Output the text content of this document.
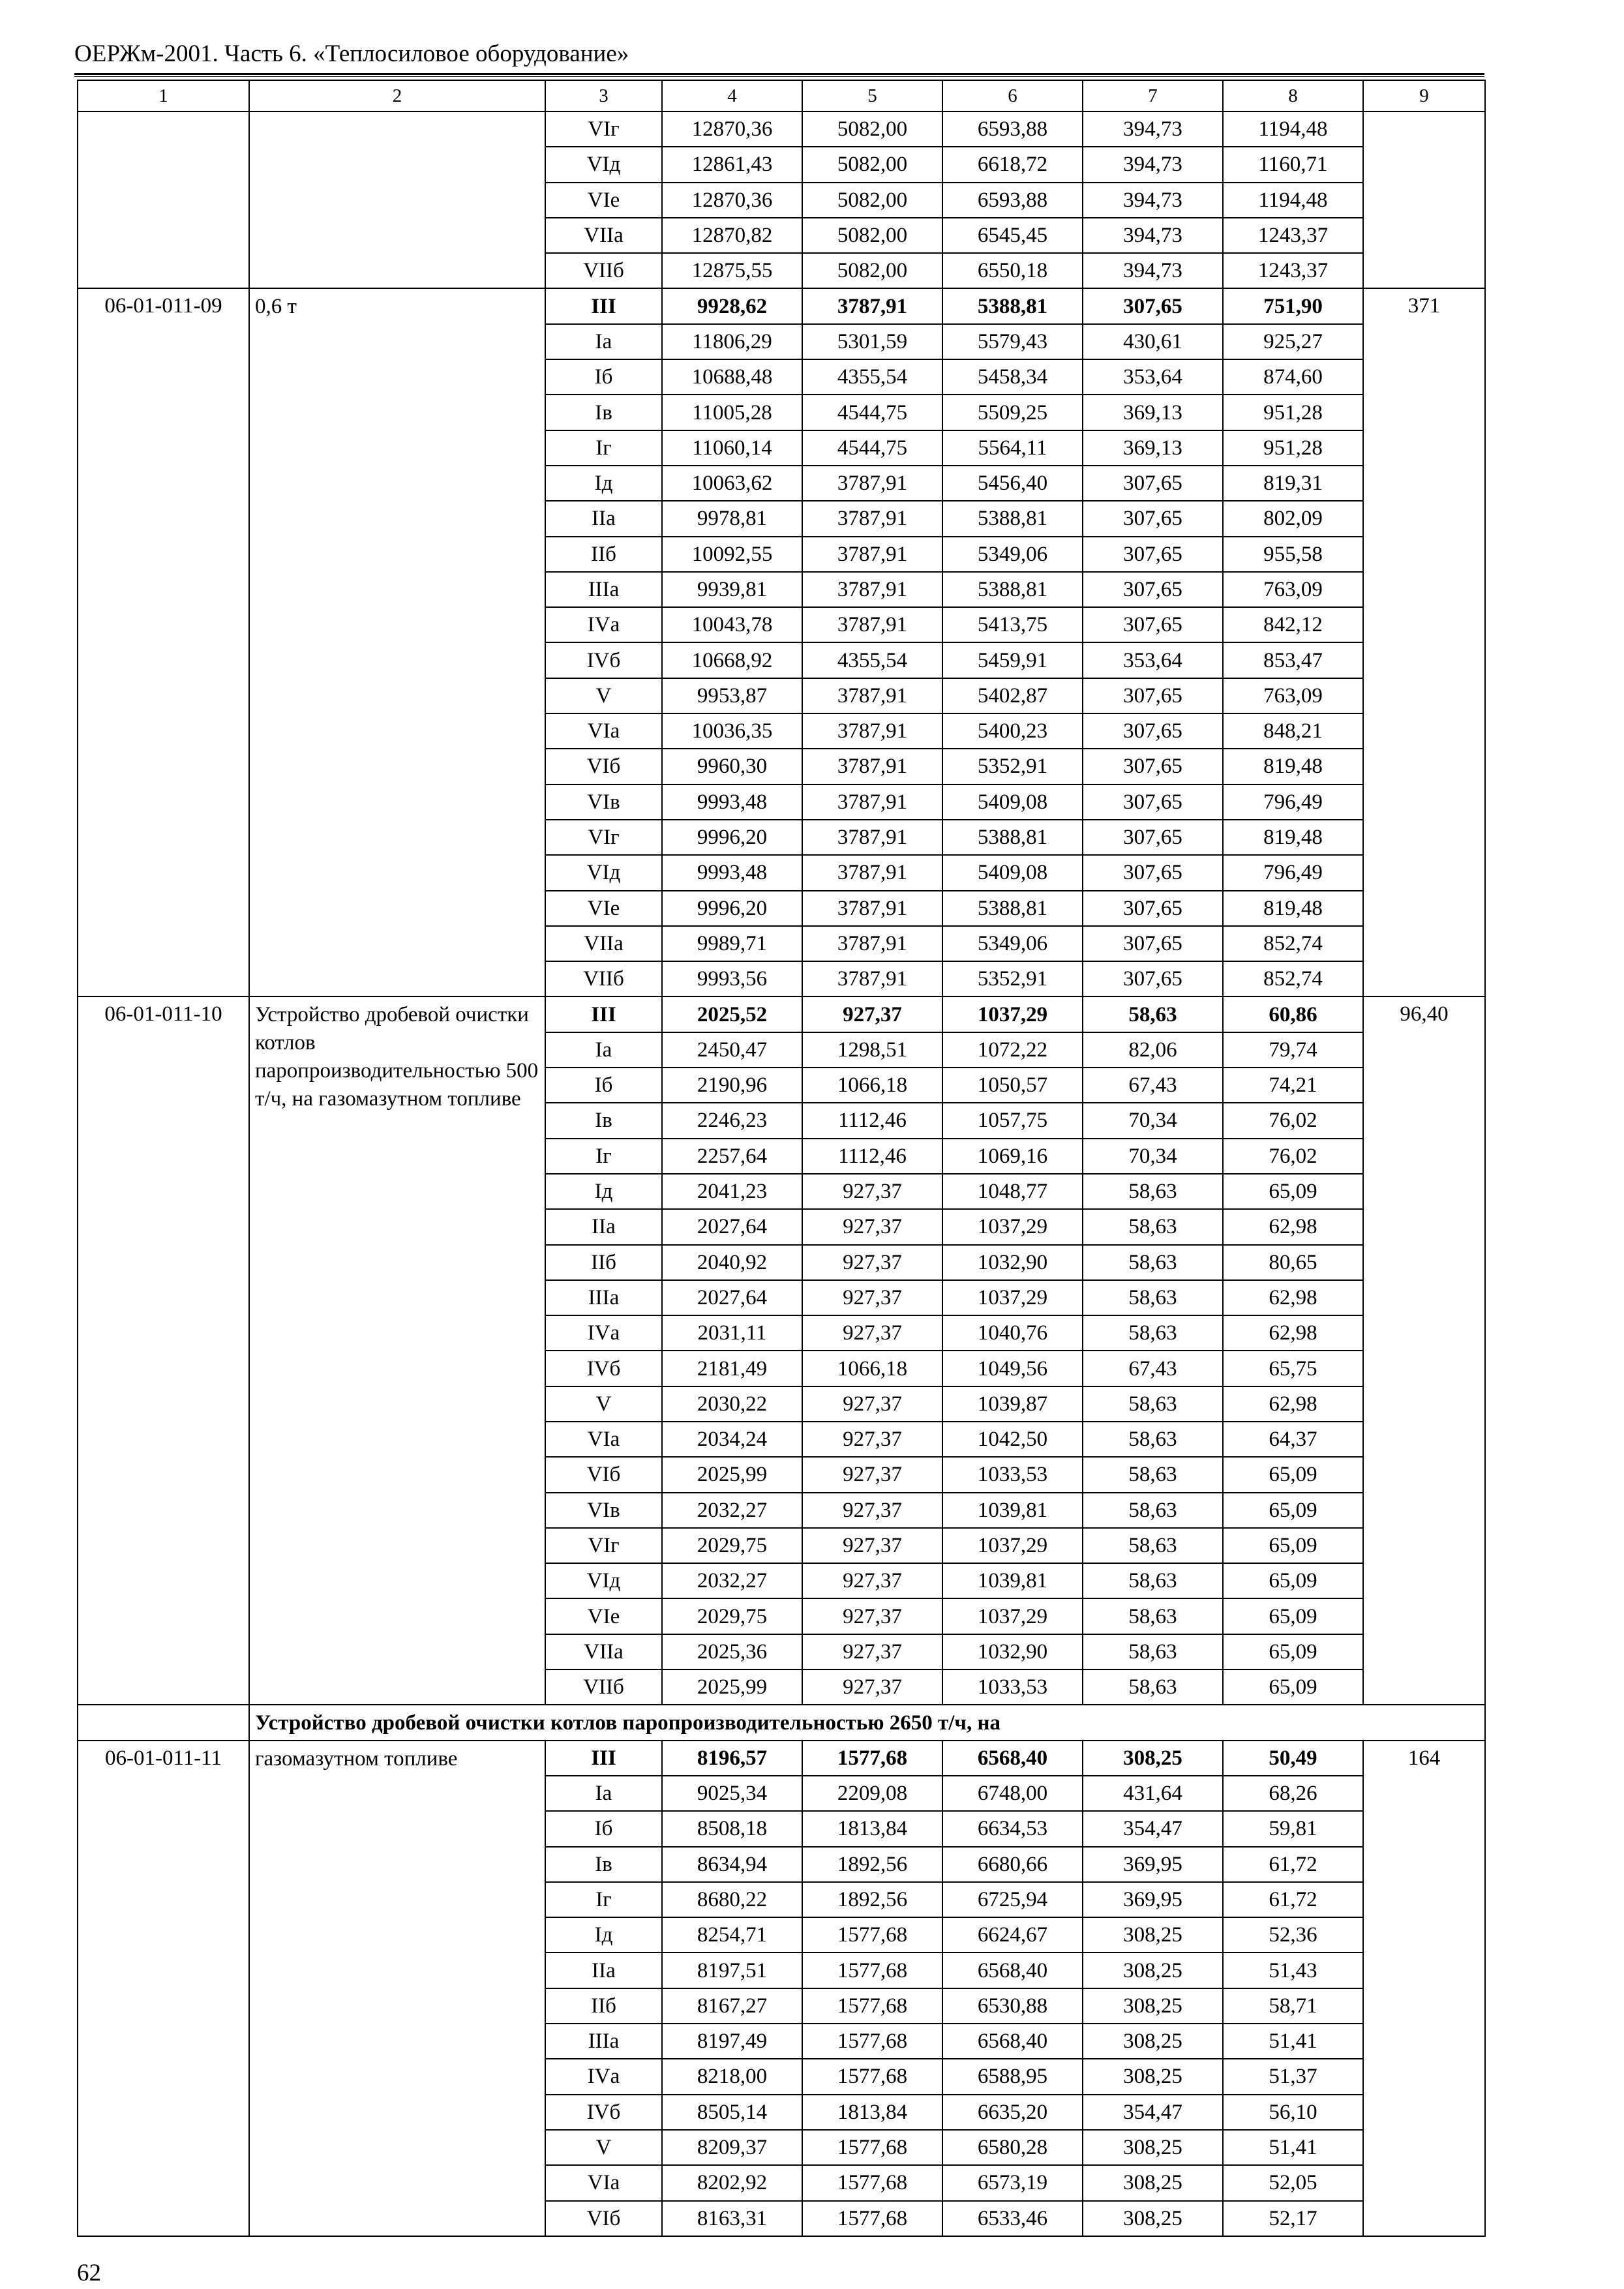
ОЕРЖм-2001. Часть 6. «Теплосиловое оборудование»
1	2	3	4	5	6	7	8	9
		VIг	12870,36	5082,00	6593,88	394,73	1194,48	
		VIд	12861,43	5082,00	6618,72	394,73	1160,71	
		VIе	12870,36	5082,00	6593,88	394,73	1194,48	
		VIIа	12870,82	5082,00	6545,45	394,73	1243,37	
		VIIб	12875,55	5082,00	6550,18	394,73	1243,37	
06-01-011-09	0,6 т	III	9928,62	3787,91	5388,81	307,65	751,90	371
		Iа	11806,29	5301,59	5579,43	430,61	925,27	
		Iб	10688,48	4355,54	5458,34	353,64	874,60	
		Iв	11005,28	4544,75	5509,25	369,13	951,28	
		Iг	11060,14	4544,75	5564,11	369,13	951,28	
		Iд	10063,62	3787,91	5456,40	307,65	819,31	
		IIа	9978,81	3787,91	5388,81	307,65	802,09	
		IIб	10092,55	3787,91	5349,06	307,65	955,58	
		IIIа	9939,81	3787,91	5388,81	307,65	763,09	
		IVа	10043,78	3787,91	5413,75	307,65	842,12	
		IVб	10668,92	4355,54	5459,91	353,64	853,47	
		V	9953,87	3787,91	5402,87	307,65	763,09	
		VIа	10036,35	3787,91	5400,23	307,65	848,21	
		VIб	9960,30	3787,91	5352,91	307,65	819,48	
		VIв	9993,48	3787,91	5409,08	307,65	796,49	
		VIг	9996,20	3787,91	5388,81	307,65	819,48	
		VIд	9993,48	3787,91	5409,08	307,65	796,49	
		VIе	9996,20	3787,91	5388,81	307,65	819,48	
		VIIа	9989,71	3787,91	5349,06	307,65	852,74	
		VIIб	9993,56	3787,91	5352,91	307,65	852,74	
06-01-011-10	Устройство дробевой очистки котлов паропроизводительностью 500 т/ч, на газомазутном топливе	III	2025,52	927,37	1037,29	58,63	60,86	96,40
		Iа	2450,47	1298,51	1072,22	82,06	79,74	
		Iб	2190,96	1066,18	1050,57	67,43	74,21	
		Iв	2246,23	1112,46	1057,75	70,34	76,02	
		Iг	2257,64	1112,46	1069,16	70,34	76,02	
		Iд	2041,23	927,37	1048,77	58,63	65,09	
		IIа	2027,64	927,37	1037,29	58,63	62,98	
		IIб	2040,92	927,37	1032,90	58,63	80,65	
		IIIа	2027,64	927,37	1037,29	58,63	62,98	
		IVа	2031,11	927,37	1040,76	58,63	62,98	
		IVб	2181,49	1066,18	1049,56	67,43	65,75	
		V	2030,22	927,37	1039,87	58,63	62,98	
		VIа	2034,24	927,37	1042,50	58,63	64,37	
		VIб	2025,99	927,37	1033,53	58,63	65,09	
		VIв	2032,27	927,37	1039,81	58,63	65,09	
		VIг	2029,75	927,37	1037,29	58,63	65,09	
		VIд	2032,27	927,37	1039,81	58,63	65,09	
		VIе	2029,75	927,37	1037,29	58,63	65,09	
		VIIа	2025,36	927,37	1032,90	58,63	65,09	
		VIIб	2025,99	927,37	1033,53	58,63	65,09	
	Устройство дробевой очистки котлов паропроизводительностью 2650 т/ч, на							
06-01-011-11	газомазутном топливе	III	8196,57	1577,68	6568,40	308,25	50,49	164
		Iа	9025,34	2209,08	6748,00	431,64	68,26	
		Iб	8508,18	1813,84	6634,53	354,47	59,81	
		Iв	8634,94	1892,56	6680,66	369,95	61,72	
		Iг	8680,22	1892,56	6725,94	369,95	61,72	
		Iд	8254,71	1577,68	6624,67	308,25	52,36	
		IIа	8197,51	1577,68	6568,40	308,25	51,43	
		IIб	8167,27	1577,68	6530,88	308,25	58,71	
		IIIа	8197,49	1577,68	6568,40	308,25	51,41	
		IVа	8218,00	1577,68	6588,95	308,25	51,37	
		IVб	8505,14	1813,84	6635,20	354,47	56,10	
		V	8209,37	1577,68	6580,28	308,25	51,41	
		VIа	8202,92	1577,68	6573,19	308,25	52,05	
		VIб	8163,31	1577,68	6533,46	308,25	52,17	
62
